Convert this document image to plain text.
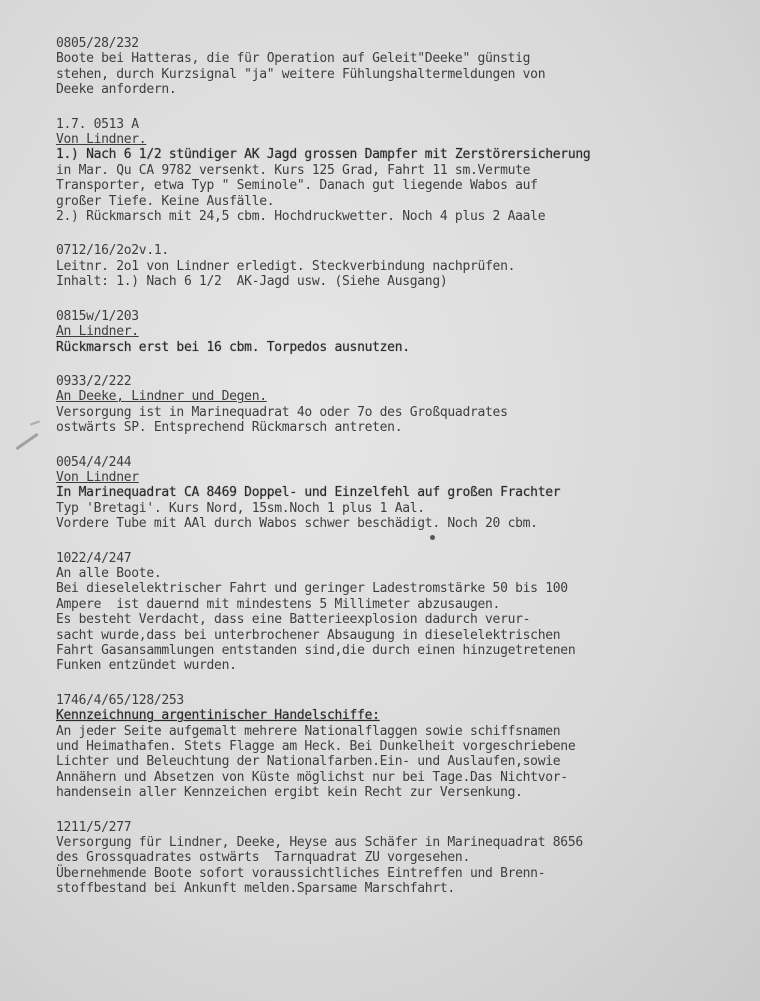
0805/28/232
Boote bei Hatteras, die für Operation auf Geleit"Deeke" günstig
stehen, durch Kurzsignal "ja" weitere Fühlungshaltermeldungen von
Deeke anfordern.
1.7. 0513 A
Von Lindner.
1.) Nach 6 1/2 stündiger AK Jagd grossen Dampfer mit Zerstörersicherung
in Mar. Qu CA 9782 versenkt. Kurs 125 Grad, Fahrt 11 sm.Vermute
Transporter, etwa Typ " Seminole". Danach gut liegende Wabos auf
großer Tiefe. Keine Ausfälle.
2.) Rückmarsch mit 24,5 cbm. Hochdruckwetter. Noch 4 plus 2 Aaale
0712/16/2o2v.1.
Leitnr. 2o1 von Lindner erledigt. Steckverbindung nachprüfen.
Inhalt: 1.) Nach 6 1/2  AK-Jagd usw. (Siehe Ausgang)
0815w/1/203
An Lindner.
Rückmarsch erst bei 16 cbm. Torpedos ausnutzen.
0933/2/222
An Deeke, Lindner und Degen.
Versorgung ist in Marinequadrat 4o oder 7o des Großquadrates
ostwärts SP. Entsprechend Rückmarsch antreten.
0054/4/244
Von Lindner
In Marinequadrat CA 8469 Doppel- und Einzelfehl auf großen Frachter
Typ 'Bretagi'. Kurs Nord, 15sm.Noch 1 plus 1 Aal.
Vordere Tube mit AAl durch Wabos schwer beschädigt. Noch 20 cbm.
1022/4/247
An alle Boote.
Bei dieselelektrischer Fahrt und geringer Ladestromstärke 50 bis 100
Ampere  ist dauernd mit mindestens 5 Millimeter abzusaugen.
Es besteht Verdacht, dass eine Batterieexplosion dadurch verur-
sacht wurde,dass bei unterbrochener Absaugung in dieselelektrischen
Fahrt Gasansammlungen entstanden sind,die durch einen hinzugetretenen
Funken entzündet wurden.
1746/4/65/128/253
Kennzeichnung argentinischer Handelschiffe:
An jeder Seite aufgemalt mehrere Nationalflaggen sowie schiffsnamen
und Heimathafen. Stets Flagge am Heck. Bei Dunkelheit vorgeschriebene
Lichter und Beleuchtung der Nationalfarben.Ein- und Auslaufen,sowie
Annähern und Absetzen von Küste möglichst nur bei Tage.Das Nichtvor-
handensein aller Kennzeichen ergibt kein Recht zur Versenkung.
1211/5/277
Versorgung für Lindner, Deeke, Heyse aus Schäfer in Marinequadrat 8656
des Grossquadrates ostwärts  Tarnquadrat ZU vorgesehen.
Übernehmende Boote sofort voraussichtliches Eintreffen und Brenn-
stoffbestand bei Ankunft melden.Sparsame Marschfahrt.
